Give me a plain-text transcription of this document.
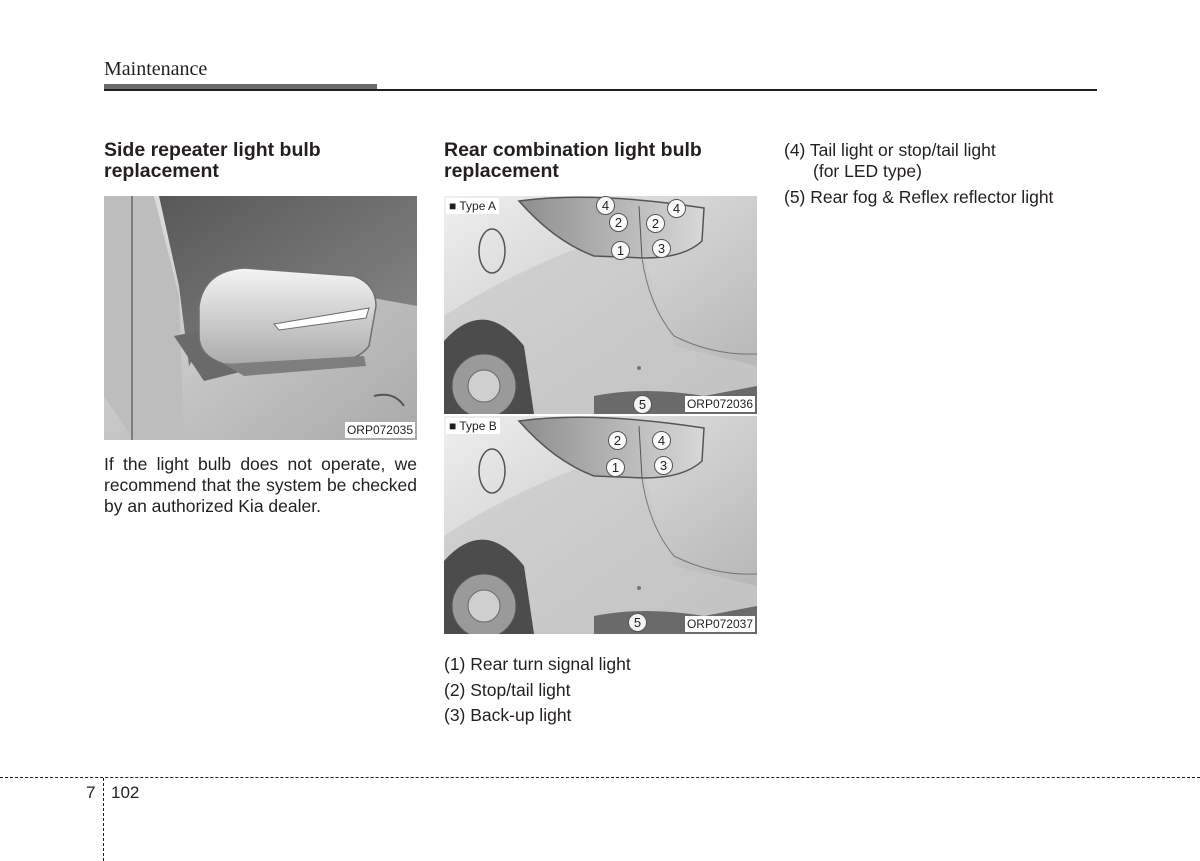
Maintenance
Side repeater light bulb replacement
ORP072035

If the light bulb does not operate, we recommend that the system be checked by an authorized Kia dealer.

Rear combination light bulb replacement
■ Type A	4
2	2
4
1	3
5	ORP072036
■ Type B
2	4
1	3
5	ORP072037
(1) Rear turn signal light
(2) Stop/tail light
(3) Back-up light
(4) Tail light or stop/tail light
(for LED type)
(5) Rear fog & Reflex reflector light
7 102
